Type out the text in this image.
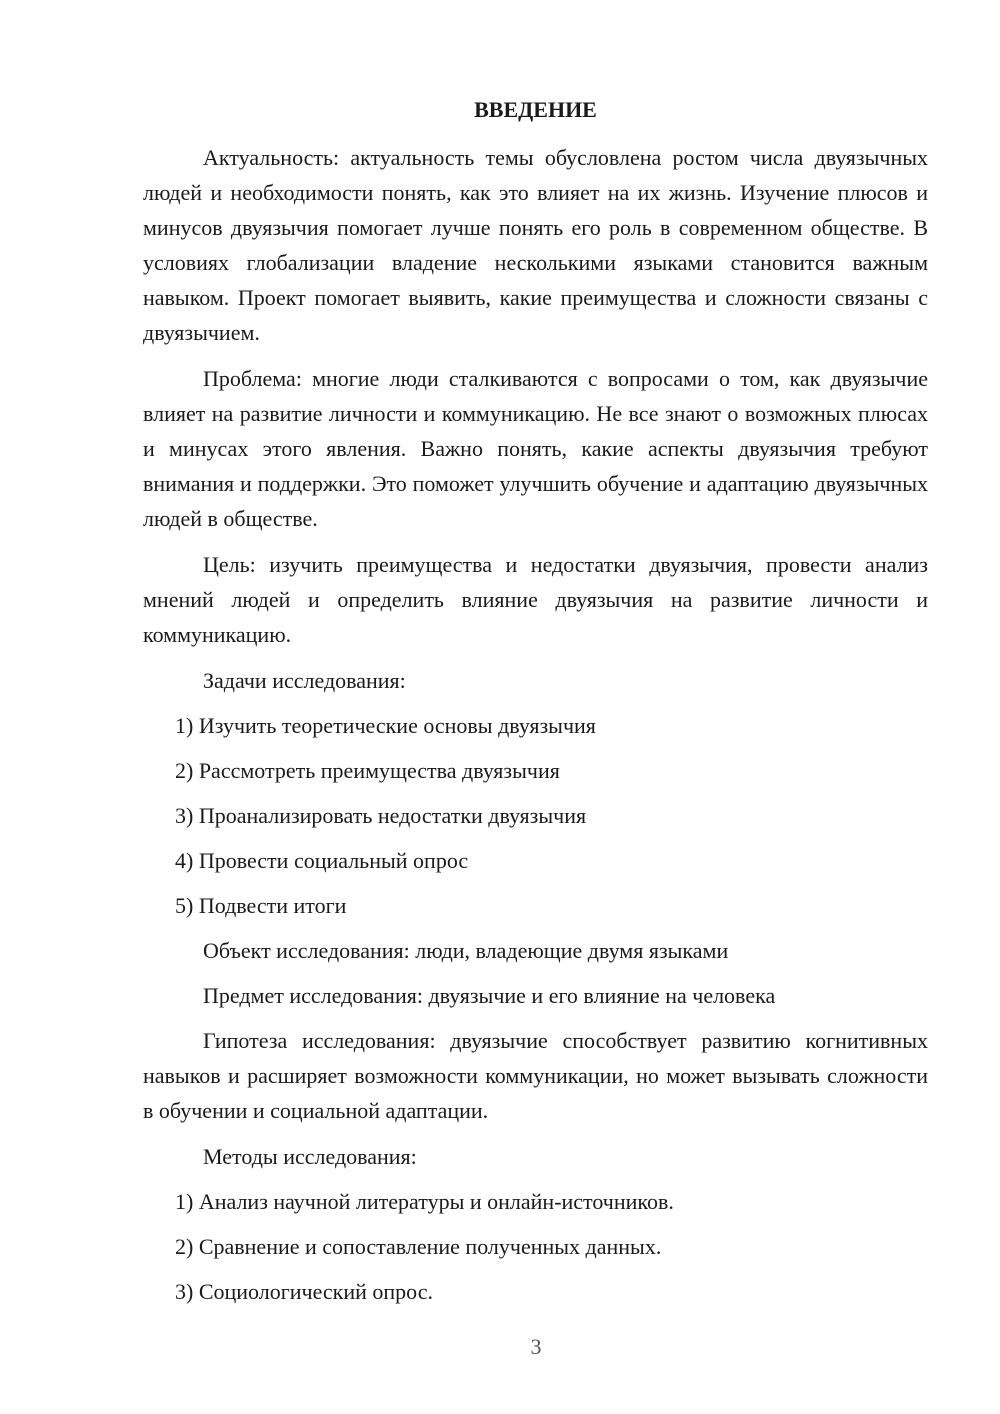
ВВЕДЕНИЕ
Актуальность: актуальность темы обусловлена ростом числа двуязычных людей и необходимости понять, как это влияет на их жизнь. Изучение плюсов и минусов двуязычия помогает лучше понять его роль в современном обществе. В условиях глобализации владение несколькими языками становится важным навыком. Проект помогает выявить, какие преимущества и сложности связаны с двуязычием.
Проблема: многие люди сталкиваются с вопросами о том, как двуязычие влияет на развитие личности и коммуникацию. Не все знают о возможных плюсах и минусах этого явления. Важно понять, какие аспекты двуязычия требуют внимания и поддержки. Это поможет улучшить обучение и адаптацию двуязычных людей в обществе.
Цель: изучить преимущества и недостатки двуязычия, провести анализ мнений людей и определить влияние двуязычия на развитие личности и коммуникацию.
Задачи исследования:
1) Изучить теоретические основы двуязычия
2) Рассмотреть преимущества двуязычия
3) Проанализировать недостатки двуязычия
4) Провести социальный опрос
5) Подвести итоги
Объект исследования: люди, владеющие двумя языками
Предмет исследования: двуязычие и его влияние на человека
Гипотеза исследования: двуязычие способствует развитию когнитивных навыков и расширяет возможности коммуникации, но может вызывать сложности в обучении и социальной адаптации.
Методы исследования:
1) Анализ научной литературы и онлайн-источников.
2) Сравнение и сопоставление полученных данных.
3) Социологический опрос.
3
